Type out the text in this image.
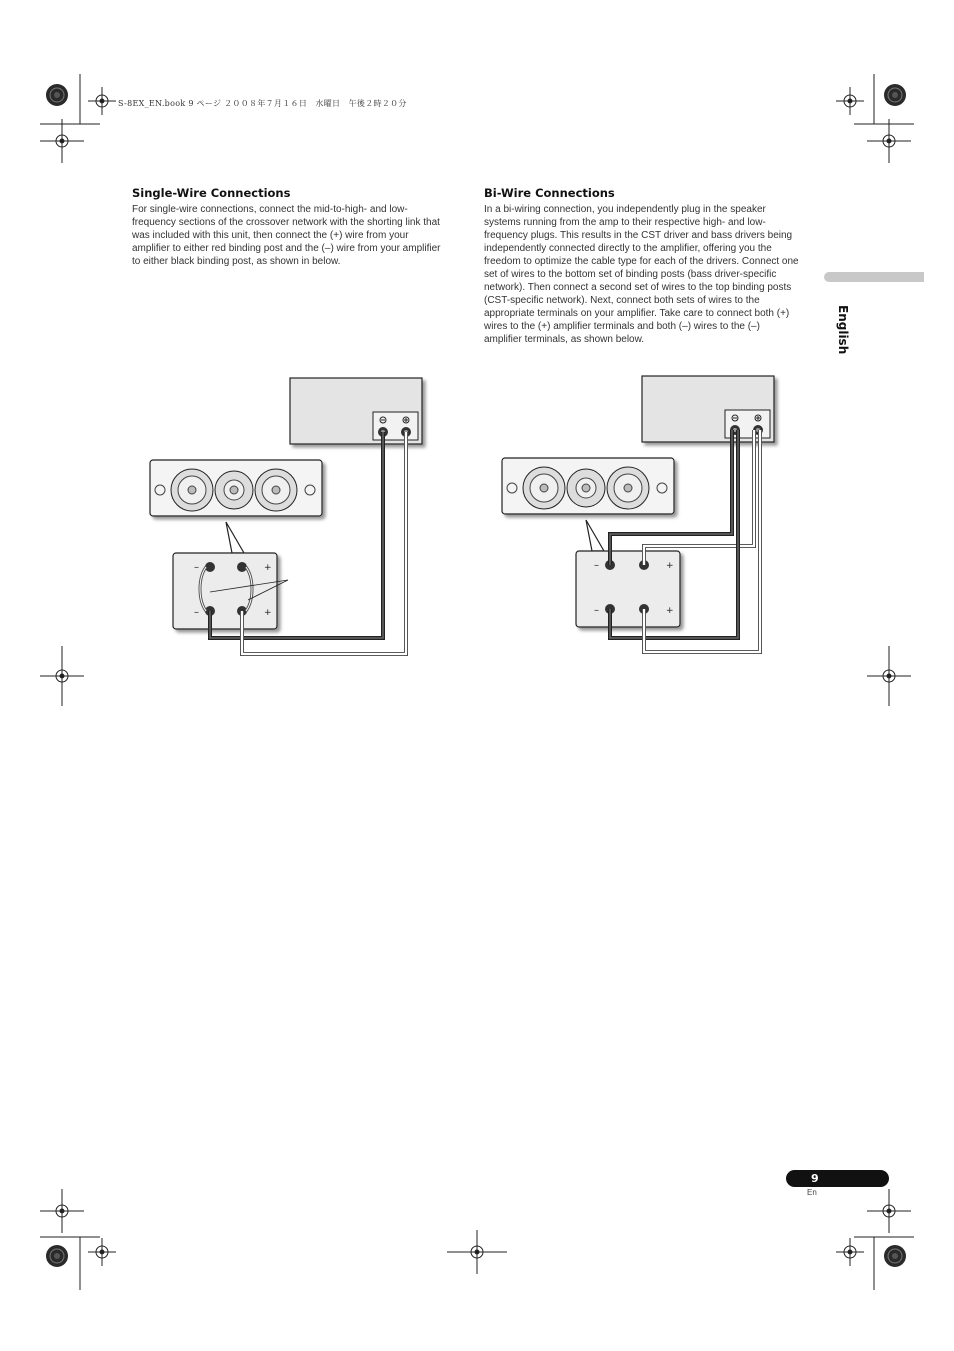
S-8EX_EN.book 9 ページ ２００８年７月１６日　水曜日　午後２時２０分
Single-Wire Connections

For single-wire connections, connect the mid-to-high- and low-frequency sections of the crossover network with the shorting link that was included with this unit, then connect the (+) wire from your amplifier to either red binding post and the (–) wire from your amplifier to either black binding post, as shown in below.

Bi-Wire Connections

In a bi-wiring connection, you independently plug in the speaker systems running from the amp to their respective high- and low-frequency plugs. This results in the CST driver and bass drivers being independently connected directly to the amplifier, offering you the freedom to optimize the cable type for each of the drivers. Connect one set of wires to the bottom set of binding posts (bass driver-specific network). Then connect a second set of wires to the top binding posts (CST-specific network). Next, connect both sets of wires to the appropriate terminals on your amplifier. Take care to connect both (+) wires to the (+) amplifier terminals and both (–) wires to the (–) amplifier terminals, as shown below.	English
–	+
–	+
–	+
–	+
9
En
